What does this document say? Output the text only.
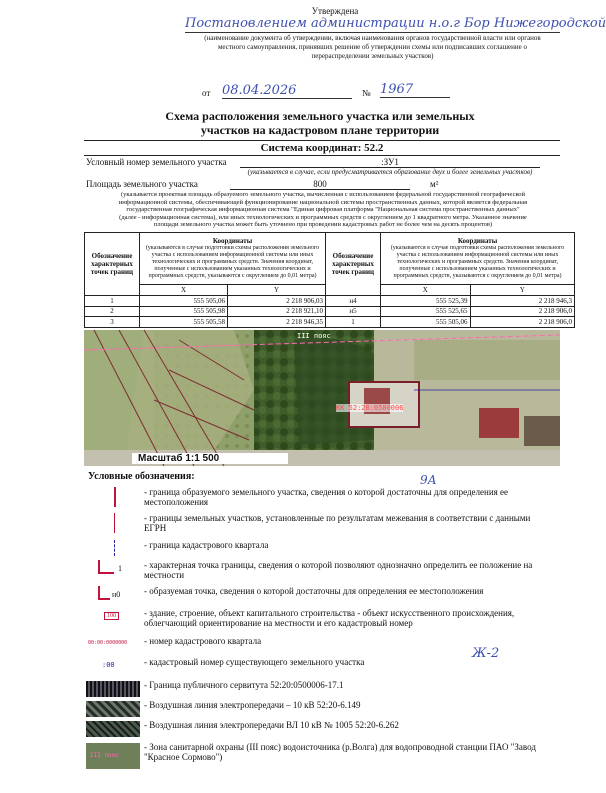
Утверждена
Постановлением администрации н.о.г Бор Нижегородской
(наименование документа об утверждении, включая наименования органов государственной власти или органов
местного самоуправления, принявших решение об утверждении схемы или подписавших соглашение о
перераспределении земельных участков)
от 08.04.2026	№ 1967
Схема расположения земельного участка или земельных
участков на кадастровом плане территории
Система координат: 52.2
Условный номер земельного участка	:ЗУ1
(указывается в случае, если предусматривается образование двух и более земельных участков)
Площадь земельного участка	800	м²
(указывается проектная площадь образуемого земельного участка, вычисленная с использованием федеральной государственной географической
информационной системы, обеспечивающей функционирование национальной системы пространственных данных, которой является федеральная
государственная географическая информационная система "Единая цифровая платформа "Национальная система пространственных данных"
(далее - информационная система), или иных технологических и программных средств с округлением до 1 квадратного метра. Указанное значение
площади земельного участка может быть уточнено при проведении кадастровых работ не более чем на десять процентов)
Обозначение характерных точек границ	Координаты
(указываются в случае подготовки схемы расположения земельного участка с использованием информационной системы или иных технологических и программных средств. Значения координат, полученные с использованием указанных технологических и программных средств, указываются с округлением до 0,01 метра)	

	X	Y
1	555 505,06	2 218 906,03
2	555 505,98	2 218 921,10
3	555 505,58	2 218 946,35
Обозначение характерных точек границ	Координаты
(указываются в случае подготовки схемы расположения земельного участка с использованием информационной системы или иных технологических и программных средств. Значения координат, полученные с использованием указанных технологических и программных средств, указываются с округлением до 0,01 метра)	

	X	Y
н4	555 525,39	2 218 946,3
н5	555 525,65	2 218 906,0
1	555 505,06	2 218 906,0
III пояс
КК 52:20:0500006
Масштаб 1:1 500
Условные обозначения:	9А
- граница образуемого земельного участка, сведения о которой достаточны для определения ее местоположения
- границы земельных участков, установленные по результатам межевания в соответствии с данными ЕГРН
- граница кадастрового квартала
1 - характерная точка границы, сведения о которой позволяют однозначно определить ее положение на местности
н0	- образуемая точка, сведения о которой достаточны для определения ее местоположения
100	- здание, строение, объект капитального строительства - объект искусственного происхождения, облегчающий ориентирование на местности и его кадастровый номер
00:00:0000000 - номер кадастрового квартала
:00	- кадастровый номер существующего земельного участка
Ж-2
- Граница публичного сервитута 52:20:0500006-17.1
- Воздушная линия электропередачи – 10 кВ 52:20-6.149
- Воздушная линия электропередачи ВЛ 10 кВ № 1005 52:20-6.262
III пояс
- Зона санитарной охраны (III пояс) водоисточника (р.Волга) для водопроводной станции ПАО "Завод "Красное Сормово")
